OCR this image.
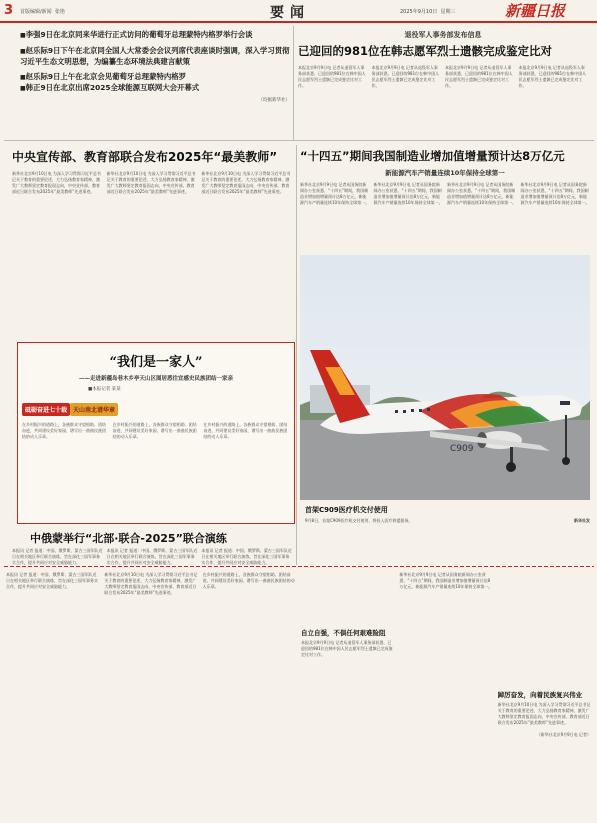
3 首版编辑/新闻 张艳	要闻	2025年9月10日 星期三	新疆日报
■李强9日在北京同来华进行正式访问的葡萄牙总理蒙特内格罗举行会谈
■赵乐际9日下午在北京同全国人大常委会会议列席代表座谈时强调，深入学习贯彻习近平生态文明思想，为编纂生态环境法典建言献策
■赵乐际9日上午在北京会见葡萄牙总理蒙特内格罗
■韩正9日在北京出席2025全球能源互联网大会开幕式
（均据新华社）
退役军人事务部发布信息
已迎回的981位在韩志愿军烈士遗骸完成鉴定比对

本报北京9月9日电 记者从退役军人事务部获悉，已迎回的981位在韩中国人民志愿军烈士遗骸已完成鉴定比对工作。

本报北京9月9日电 记者从退役军人事务部获悉，已迎回的981位在韩中国人民志愿军烈士遗骸已完成鉴定比对工作。

本报北京9月9日电 记者从退役军人事务部获悉，已迎回的981位在韩中国人民志愿军烈士遗骸已完成鉴定比对工作。

本报北京9月9日电 记者从退役军人事务部获悉，已迎回的981位在韩中国人民志愿军烈士遗骸已完成鉴定比对工作。

中央宣传部、教育部联合发布2025年“最美教师”

新华社北京9月10日电 为深入学习贯彻习近平总书记关于教育的重要论述，大力弘扬教育家精神，激发广大教师坚定教育报国志向，中央宣传部、教育部近日联合发布2025年“最美教师”先进事迹。

新华社北京9月10日电 为深入学习贯彻习近平总书记关于教育的重要论述，大力弘扬教育家精神，激发广大教师坚定教育报国志向，中央宣传部、教育部近日联合发布2025年“最美教师”先进事迹。

新华社北京9月10日电 为深入学习贯彻习近平总书记关于教育的重要论述，大力弘扬教育家精神，激发广大教师坚定教育报国志向，中央宣传部、教育部近日联合发布2025年“最美教师”先进事迹。

“我们是一家人”
——走进新疆岛巷木乡亭天山区图居悉往宜感史民族团结一家亲
■本报记者 某某
砥砺奋进七十载 天山南北谱华章

在乡村振兴的道路上，各族群众守望相助、团结奋进，共同建设美好家园，谱写出一曲曲民族团结的动人乐章。

在乡村振兴的道路上，各族群众守望相助、团结奋进，共同建设美好家园，谱写出一曲曲民族团结的动人乐章。

在乡村振兴的道路上，各族群众守望相助、团结奋进，共同建设美好家园，谱写出一曲曲民族团结的动人乐章。

中俄蒙举行“北部·联合-2025”联合演练

本报讯 记者 报道：中国、俄罗斯、蒙古三国军队近日在相关地区举行联合演练，旨在深化三国军事务实合作，提升共同应对安全威胁能力。

本报讯 记者 报道：中国、俄罗斯、蒙古三国军队近日在相关地区举行联合演练，旨在深化三国军事务实合作，提升共同应对安全威胁能力。

本报讯 记者 报道：中国、俄罗斯、蒙古三国军队近日在相关地区举行联合演练，旨在深化三国军事务实合作，提升共同应对安全威胁能力。

“十四五”期间我国制造业增加值增量预计达8万亿元
新能源汽车产销量连续10年保持全球第一

新华社北京9月9日电 记者从国务院新闻办公室获悉，“十四五”期间，我国制造业增加值增量预计达8万亿元，新能源汽车产销量连续10年保持全球第一。

新华社北京9月9日电 记者从国务院新闻办公室获悉，“十四五”期间，我国制造业增加值增量预计达8万亿元，新能源汽车产销量连续10年保持全球第一。

新华社北京9月9日电 记者从国务院新闻办公室获悉，“十四五”期间，我国制造业增加值增量预计达8万亿元，新能源汽车产销量连续10年保持全球第一。

新华社北京9月9日电 记者从国务院新闻办公室获悉，“十四五”期间，我国制造业增加值增量预计达8万亿元，新能源汽车产销量连续10年保持全球第一。

C909
首架C909医疗机交付使用
9月8日，首架C909医疗机交付使用，将投入医疗救援服务。	新华社发

本报讯 记者 报道：中国、俄罗斯、蒙古三国军队近日在相关地区举行联合演练，旨在深化三国军事务实合作，提升共同应对安全威胁能力。

新华社北京9月10日电 为深入学习贯彻习近平总书记关于教育的重要论述，大力弘扬教育家精神，激发广大教师坚定教育报国志向，中央宣传部、教育部近日联合发布2025年“最美教师”先进事迹。

在乡村振兴的道路上，各族群众守望相助、团结奋进，共同建设美好家园，谱写出一曲曲民族团结的动人乐章。

自立自强，不俱任何艰难险阻

本报北京9月9日电 记者从退役军人事务部获悉，已迎回的981位在韩中国人民志愿军烈士遗骸已完成鉴定比对工作。

新华社北京9月9日电 记者从国务院新闻办公室获悉，“十四五”期间，我国制造业增加值增量预计达8万亿元，新能源汽车产销量连续10年保持全球第一。

踔厉奋发，向着民族复兴伟业

新华社北京9月10日电 为深入学习贯彻习近平总书记关于教育的重要论述，大力弘扬教育家精神，激发广大教师坚定教育报国志向，中央宣传部、教育部近日联合发布2025年“最美教师”先进事迹。

（新华社北京9月9日电 记者）
